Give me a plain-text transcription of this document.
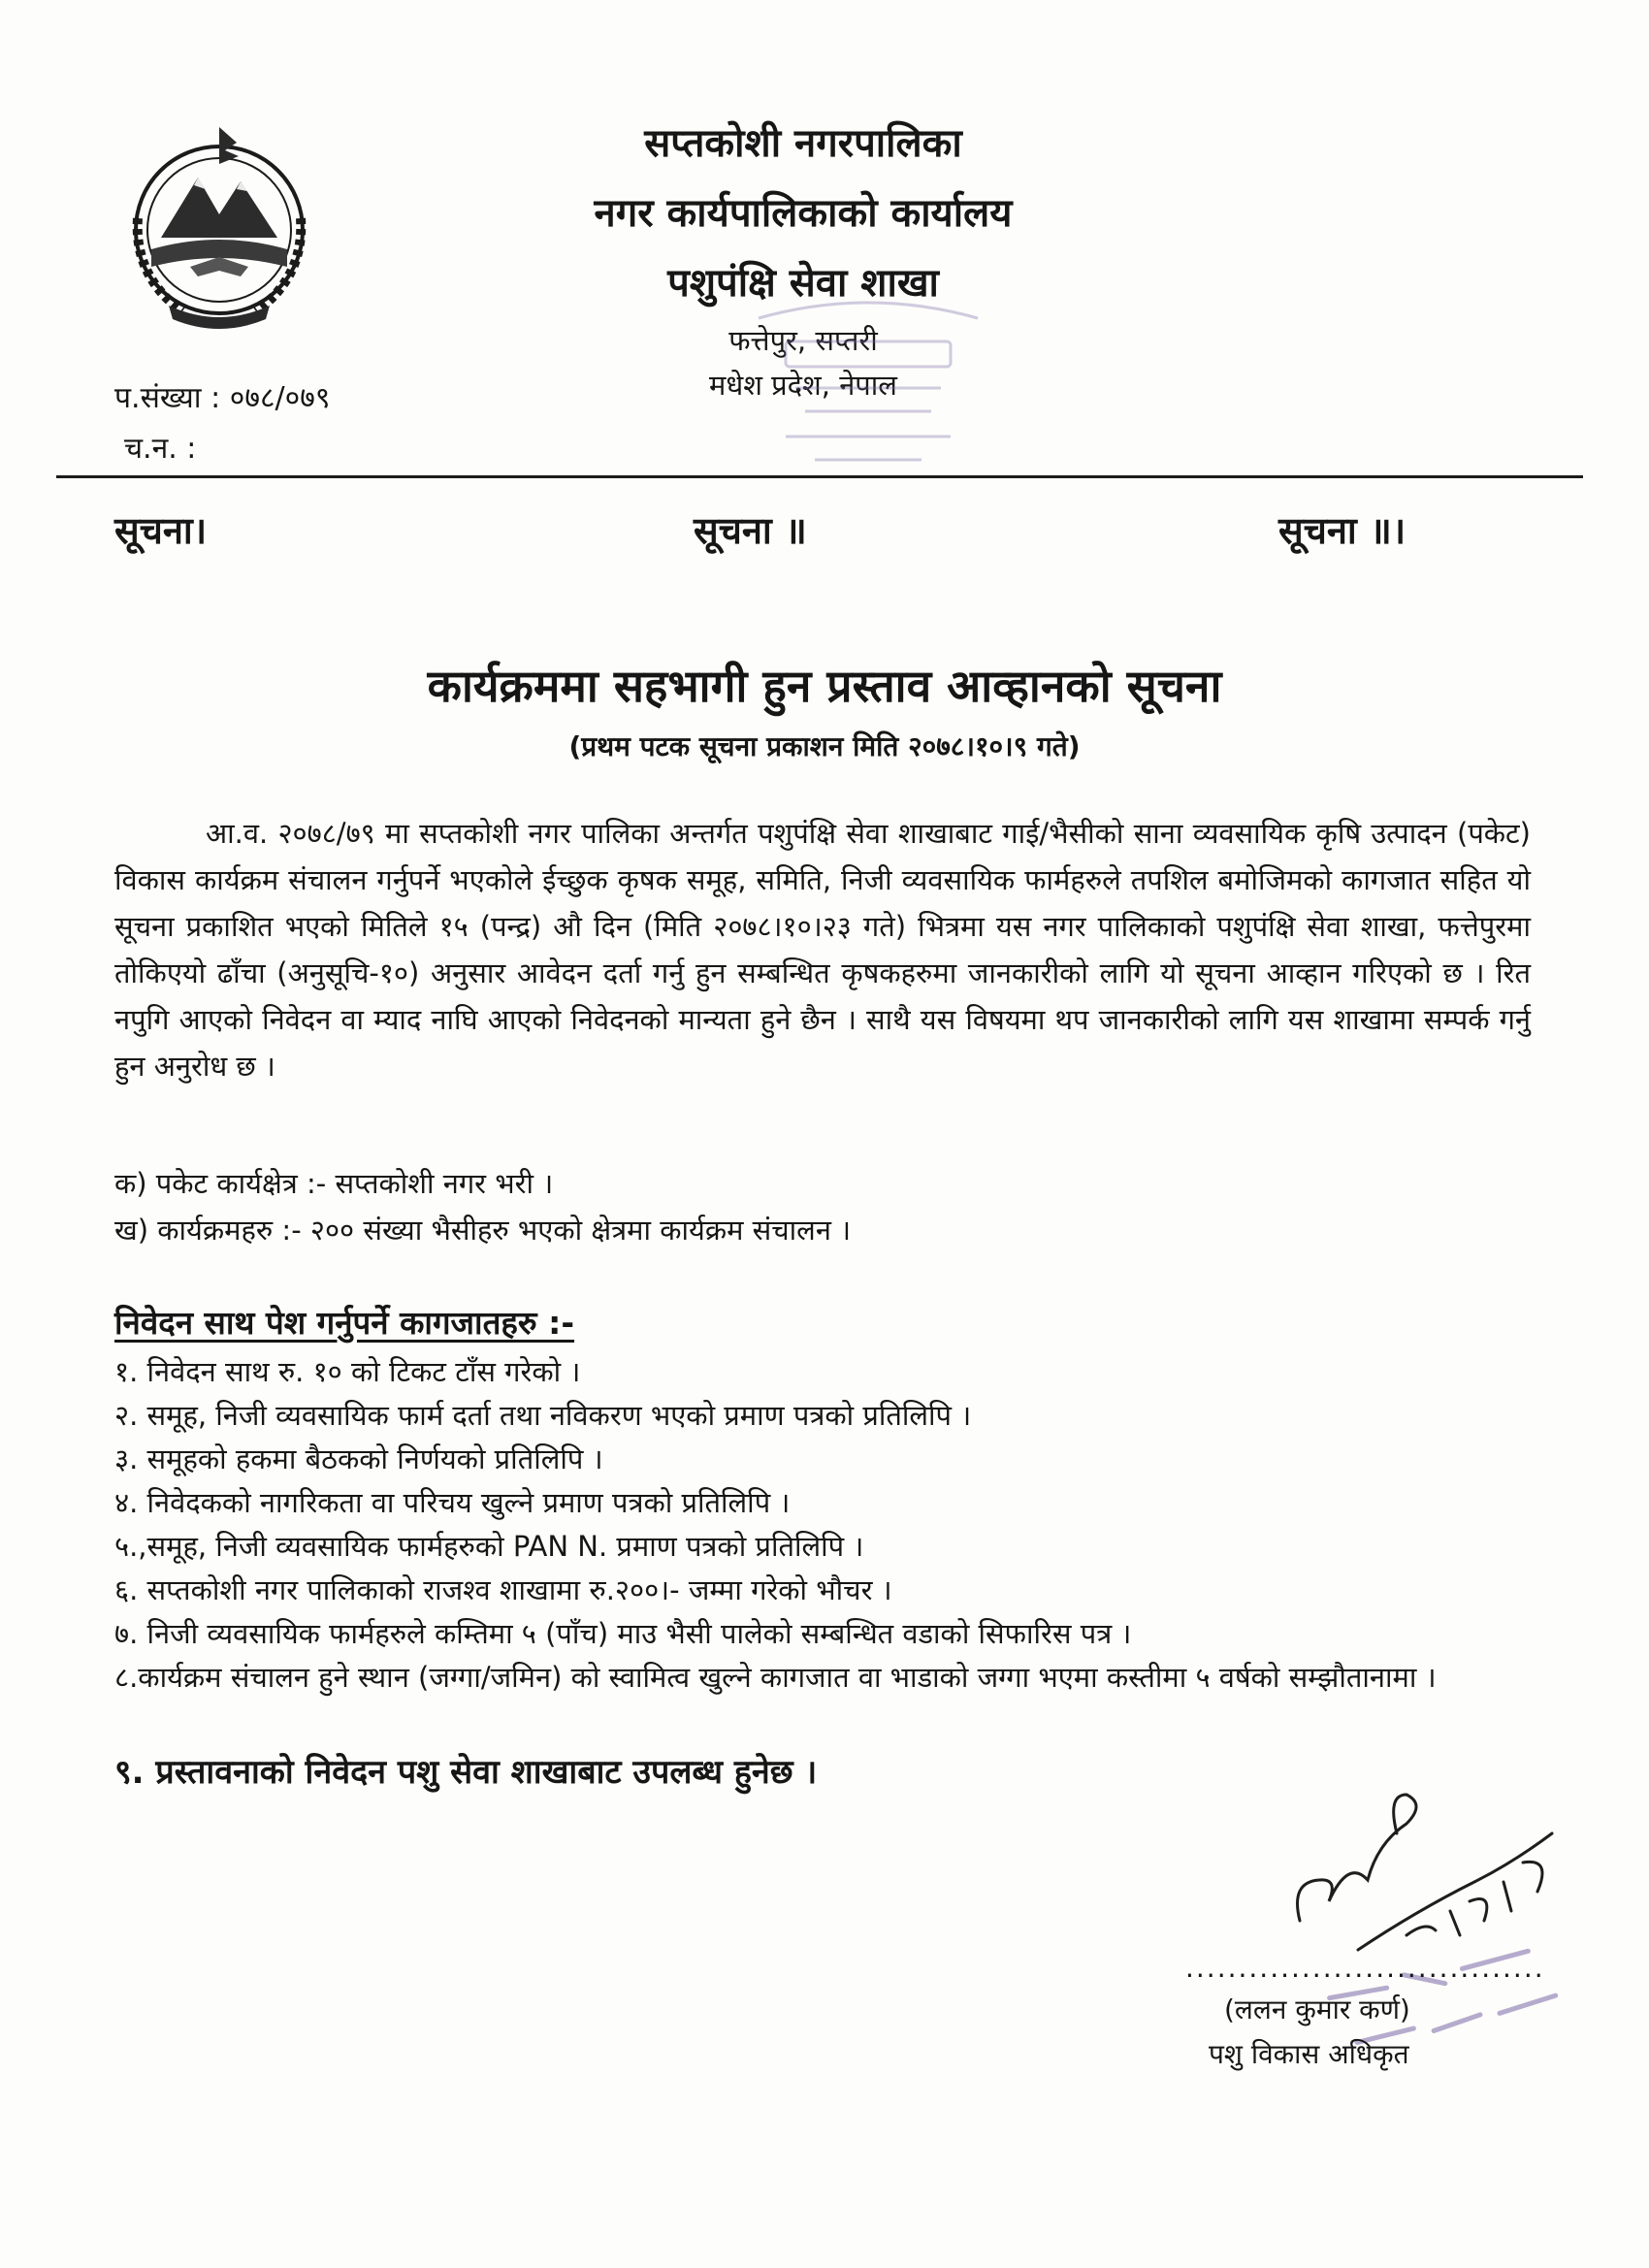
सप्तकोशी नगरपालिका
नगर कार्यपालिकाको कार्यालय
पशुपंक्षि सेवा शाखा
फत्तेपुर, सप्तरी
मधेश प्रदेश, नेपाल
प.संख्या : ०७८/०७९
च.न. :
सूचना।	सूचना ॥	सूचना ॥।
कार्यक्रममा सहभागी हुन प्रस्ताव आव्हानको सूचना
(प्रथम पटक सूचना प्रकाशन मिति २०७८।१०।९ गते)

आ.व. २०७८/७९ मा सप्तकोशी नगर पालिका अन्तर्गत पशुपंक्षि सेवा शाखाबाट गाई/भैसीको साना व्यवसायिक कृषि उत्पादन (पकेट) विकास कार्यक्रम संचालन गर्नुपर्ने भएकोले ईच्छुक कृषक समूह, समिति, निजी व्यवसायिक फार्महरुले तपशिल बमोजिमको कागजात सहित यो सूचना प्रकाशित भएको मितिले १५ (पन्द्र) औ दिन (मिति २०७८।१०।२३ गते) भित्रमा यस नगर पालिकाको पशुपंक्षि सेवा शाखा, फत्तेपुरमा तोकिएयो ढाँचा (अनुसूचि-१०) अनुसार आवेदन दर्ता गर्नु हुन सम्बन्धित कृषकहरुमा जानकारीको लागि यो सूचना आव्हान गरिएको छ । रित नपुगि आएको निवेदन वा म्याद नाघि आएको निवेदनको मान्यता हुने छैन । साथै यस विषयमा थप जानकारीको लागि यस शाखामा सम्पर्क गर्नु हुन अनुरोध छ ।

क) पकेट कार्यक्षेत्र :- सप्तकोशी नगर भरी ।
ख) कार्यक्रमहरु :- २०० संख्या भैसीहरु भएको क्षेत्रमा कार्यक्रम संचालन ।
निवेदन साथ पेश गर्नुपर्ने कागजातहरु :-
१. निवेदन साथ रु. १० को टिकट टाँस गरेको ।
२. समूह, निजी व्यवसायिक फार्म दर्ता तथा नविकरण भएको प्रमाण पत्रको प्रतिलिपि ।
३. समूहको हकमा बैठकको निर्णयको प्रतिलिपि ।
४. निवेदकको नागरिकता वा परिचय खुल्ने प्रमाण पत्रको प्रतिलिपि ।
५.,समूह, निजी व्यवसायिक फार्महरुको PAN N. प्रमाण पत्रको प्रतिलिपि ।
६. सप्तकोशी नगर पालिकाको राजश्व शाखामा रु.२००।- जम्मा गरेको भौचर ।
७. निजी व्यवसायिक फार्महरुले कम्तिमा ५ (पाँच) माउ भैसी पालेको सम्बन्धित वडाको सिफारिस पत्र ।
८.कार्यक्रम संचालन हुने स्थान (जग्गा/जमिन) को स्वामित्व खुल्ने कागजात वा भाडाको जग्गा भएमा कस्तीमा ५ वर्षको सम्झौतानामा ।
९. प्रस्तावनाको निवेदन पशु सेवा शाखाबाट उपलब्ध हुनेछ ।
..................................
(ललन कुमार कर्ण)
पशु विकास अधिकृत
